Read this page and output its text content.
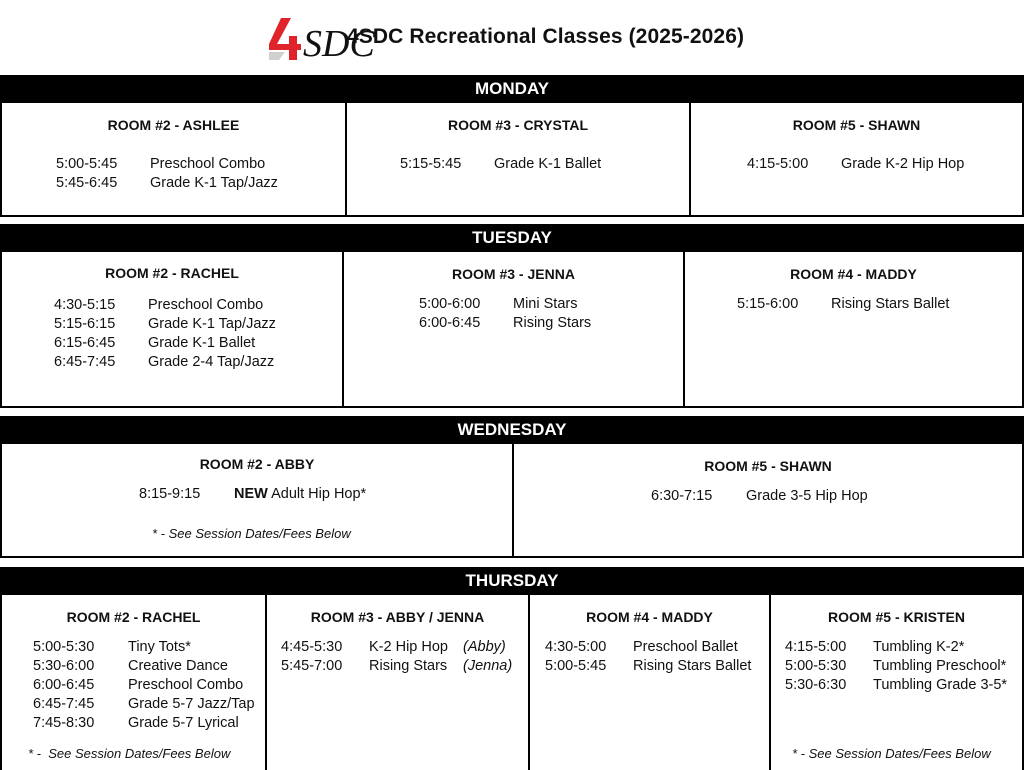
SDC
4SDC Recreational Classes (2025-2026)
MONDAY
ROOM #2 - ASHLEE
5:00-5:45	Preschool Combo
5:45-6:45	Grade K-1 Tap/Jazz
ROOM #3 - CRYSTAL
5:15-5:45	Grade K-1 Ballet
ROOM #5 - SHAWN
4:15-5:00	Grade K-2 Hip Hop
TUESDAY
ROOM #2 - RACHEL
4:30-5:15	Preschool Combo
5:15-6:15	Grade K-1 Tap/Jazz
6:15-6:45	Grade K-1 Ballet
6:45-7:45	Grade 2-4 Tap/Jazz
ROOM #3 - JENNA
5:00-6:00	Mini Stars
6:00-6:45	Rising Stars
ROOM #4 - MADDY
5:15-6:00	Rising Stars Ballet
WEDNESDAY
ROOM #2 - ABBY
8:15-9:15	NEW Adult Hip Hop*
* - See Session Dates/Fees Below
ROOM #5 - SHAWN
6:30-7:15	Grade 3-5 Hip Hop
THURSDAY
ROOM #2 - RACHEL
5:00-5:30	Tiny Tots*
5:30-6:00	Creative Dance
6:00-6:45	Preschool Combo
6:45-7:45	Grade 5-7 Jazz/Tap
7:45-8:30	Grade 5-7 Lyrical
* - See Session Dates/Fees Below
ROOM #3 - ABBY / JENNA
4:45-5:30	K-2 Hip Hop (Abby)
5:45-7:00	Rising Stars (Jenna)
ROOM #4 - MADDY
4:30-5:00	Preschool Ballet
5:00-5:45	Rising Stars Ballet
ROOM #5 - KRISTEN
4:15-5:00	Tumbling K-2*
5:00-5:30	Tumbling Preschool*
5:30-6:30	Tumbling Grade 3-5*
* - See Session Dates/Fees Below
